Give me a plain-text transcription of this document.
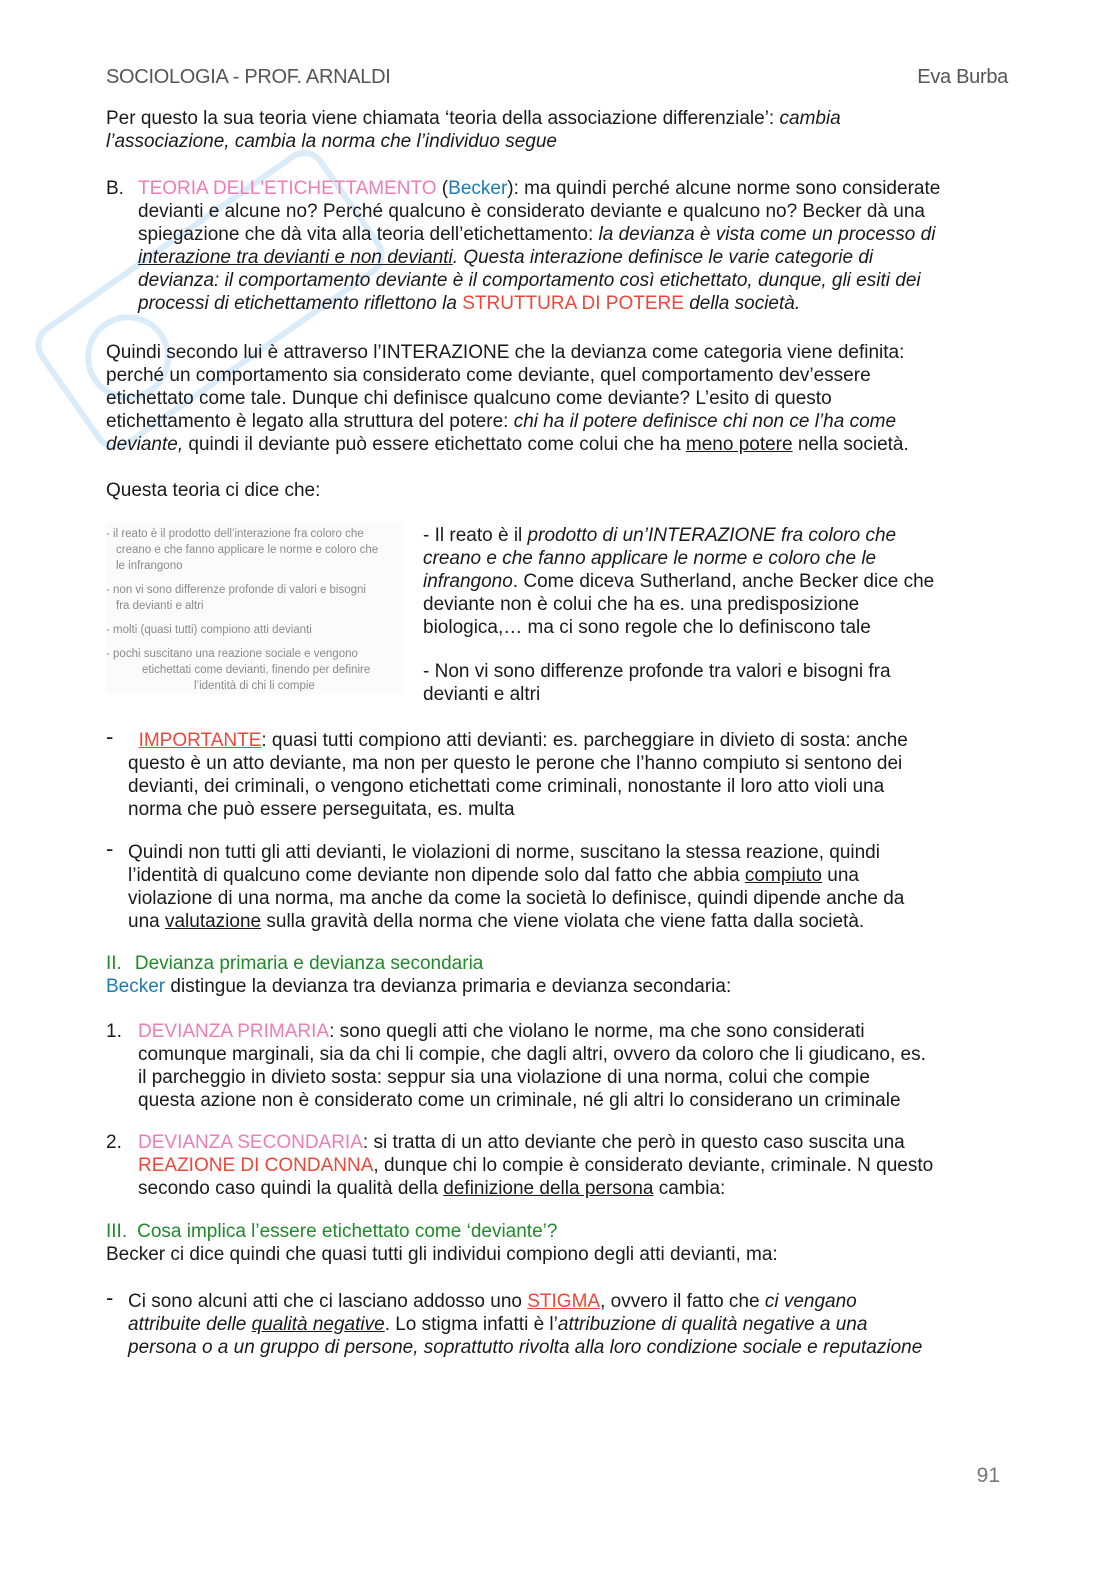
SOCIOLOGIA - PROF. ARNALDI	Eva Burba
Per questo la sua teoria viene chiamata ‘teoria della associazione differenziale’: cambia
l’associazione, cambia la norma che l’individuo segue
B. TEORIA DELL'ETICHETTAMENTO (Becker): ma quindi perché alcune norme sono considerate
devianti e alcune no? Perché qualcuno è considerato deviante e qualcuno no? Becker dà una
spiegazione che dà vita alla teoria dell’etichettamento: la devianza è vista come un processo di
interazione tra devianti e non devianti. Questa interazione definisce le varie categorie di
devianza: il comportamento deviante è il comportamento così etichettato, dunque, gli esiti dei
processi di etichettamento riflettono la STRUTTURA DI POTERE della società.
Quindi secondo lui è attraverso l’INTERAZIONE che la devianza come categoria viene definita:
perché un comportamento sia considerato come deviante, quel comportamento dev’essere
etichettato come tale. Dunque chi definisce qualcuno come deviante? L’esito di questo
etichettamento è legato alla struttura del potere: chi ha il potere definisce chi non ce l’ha come
deviante, quindi il deviante può essere etichettato come colui che ha meno potere nella società.
Questa teoria ci dice che:
- il reato è il prodotto dell’interazione fra coloro che
creano e che fanno applicare le norme e coloro che
le infrangono
- non vi sono differenze profonde di valori e bisogni
fra devianti e altri
- molti (quasi tutti) compiono atti devianti
- pochi suscitano una reazione sociale e vengono
etichettati come devianti, finendo per definire
l’identità di chi li compie
- Il reato è il prodotto di un’INTERAZIONE fra coloro che
creano e che fanno applicare le norme e coloro che le
infrangono. Come diceva Sutherland, anche Becker dice che
deviante non è colui che ha es. una predisposizione
biologica,… ma ci sono regole che lo definiscono tale
- Non vi sono differenze profonde tra valori e bisogni fra
devianti e altri
-	IMPORTANTE: quasi tutti compiono atti devianti: es. parcheggiare in divieto di sosta: anche
questo è un atto deviante, ma non per questo le perone che l’hanno compiuto si sentono dei
devianti, dei criminali, o vengono etichettati come criminali, nonostante il loro atto violi una
norma che può essere perseguitata, es. multa
- Quindi non tutti gli atti devianti, le violazioni di norme, suscitano la stessa reazione, quindi
l’identità di qualcuno come deviante non dipende solo dal fatto che abbia compiuto una
violazione di una norma, ma anche da come la società lo definisce, quindi dipende anche da
una valutazione sulla gravità della norma che viene violata che viene fatta dalla società.
II. Devianza primaria e devianza secondaria
Becker distingue la devianza tra devianza primaria e devianza secondaria:
1. DEVIANZA PRIMARIA: sono quegli atti che violano le norme, ma che sono considerati
comunque marginali, sia da chi li compie, che dagli altri, ovvero da coloro che li giudicano, es.
il parcheggio in divieto sosta: seppur sia una violazione di una norma, colui che compie
questa azione non è considerato come un criminale, né gli altri lo considerano un criminale
2. DEVIANZA SECONDARIA: si tratta di un atto deviante che però in questo caso suscita una
REAZIONE DI CONDANNA, dunque chi lo compie è considerato deviante, criminale. N questo
secondo caso quindi la qualità della definizione della persona cambia:
III. Cosa implica l’essere etichettato come ‘deviante’?
Becker ci dice quindi che quasi tutti gli individui compiono degli atti devianti, ma:
- Ci sono alcuni atti che ci lasciano addosso uno STIGMA, ovvero il fatto che ci vengano
attribuite delle qualità negative. Lo stigma infatti è l’attribuzione di qualità negative a una
persona o a un gruppo di persone, soprattutto rivolta alla loro condizione sociale e reputazione
91
